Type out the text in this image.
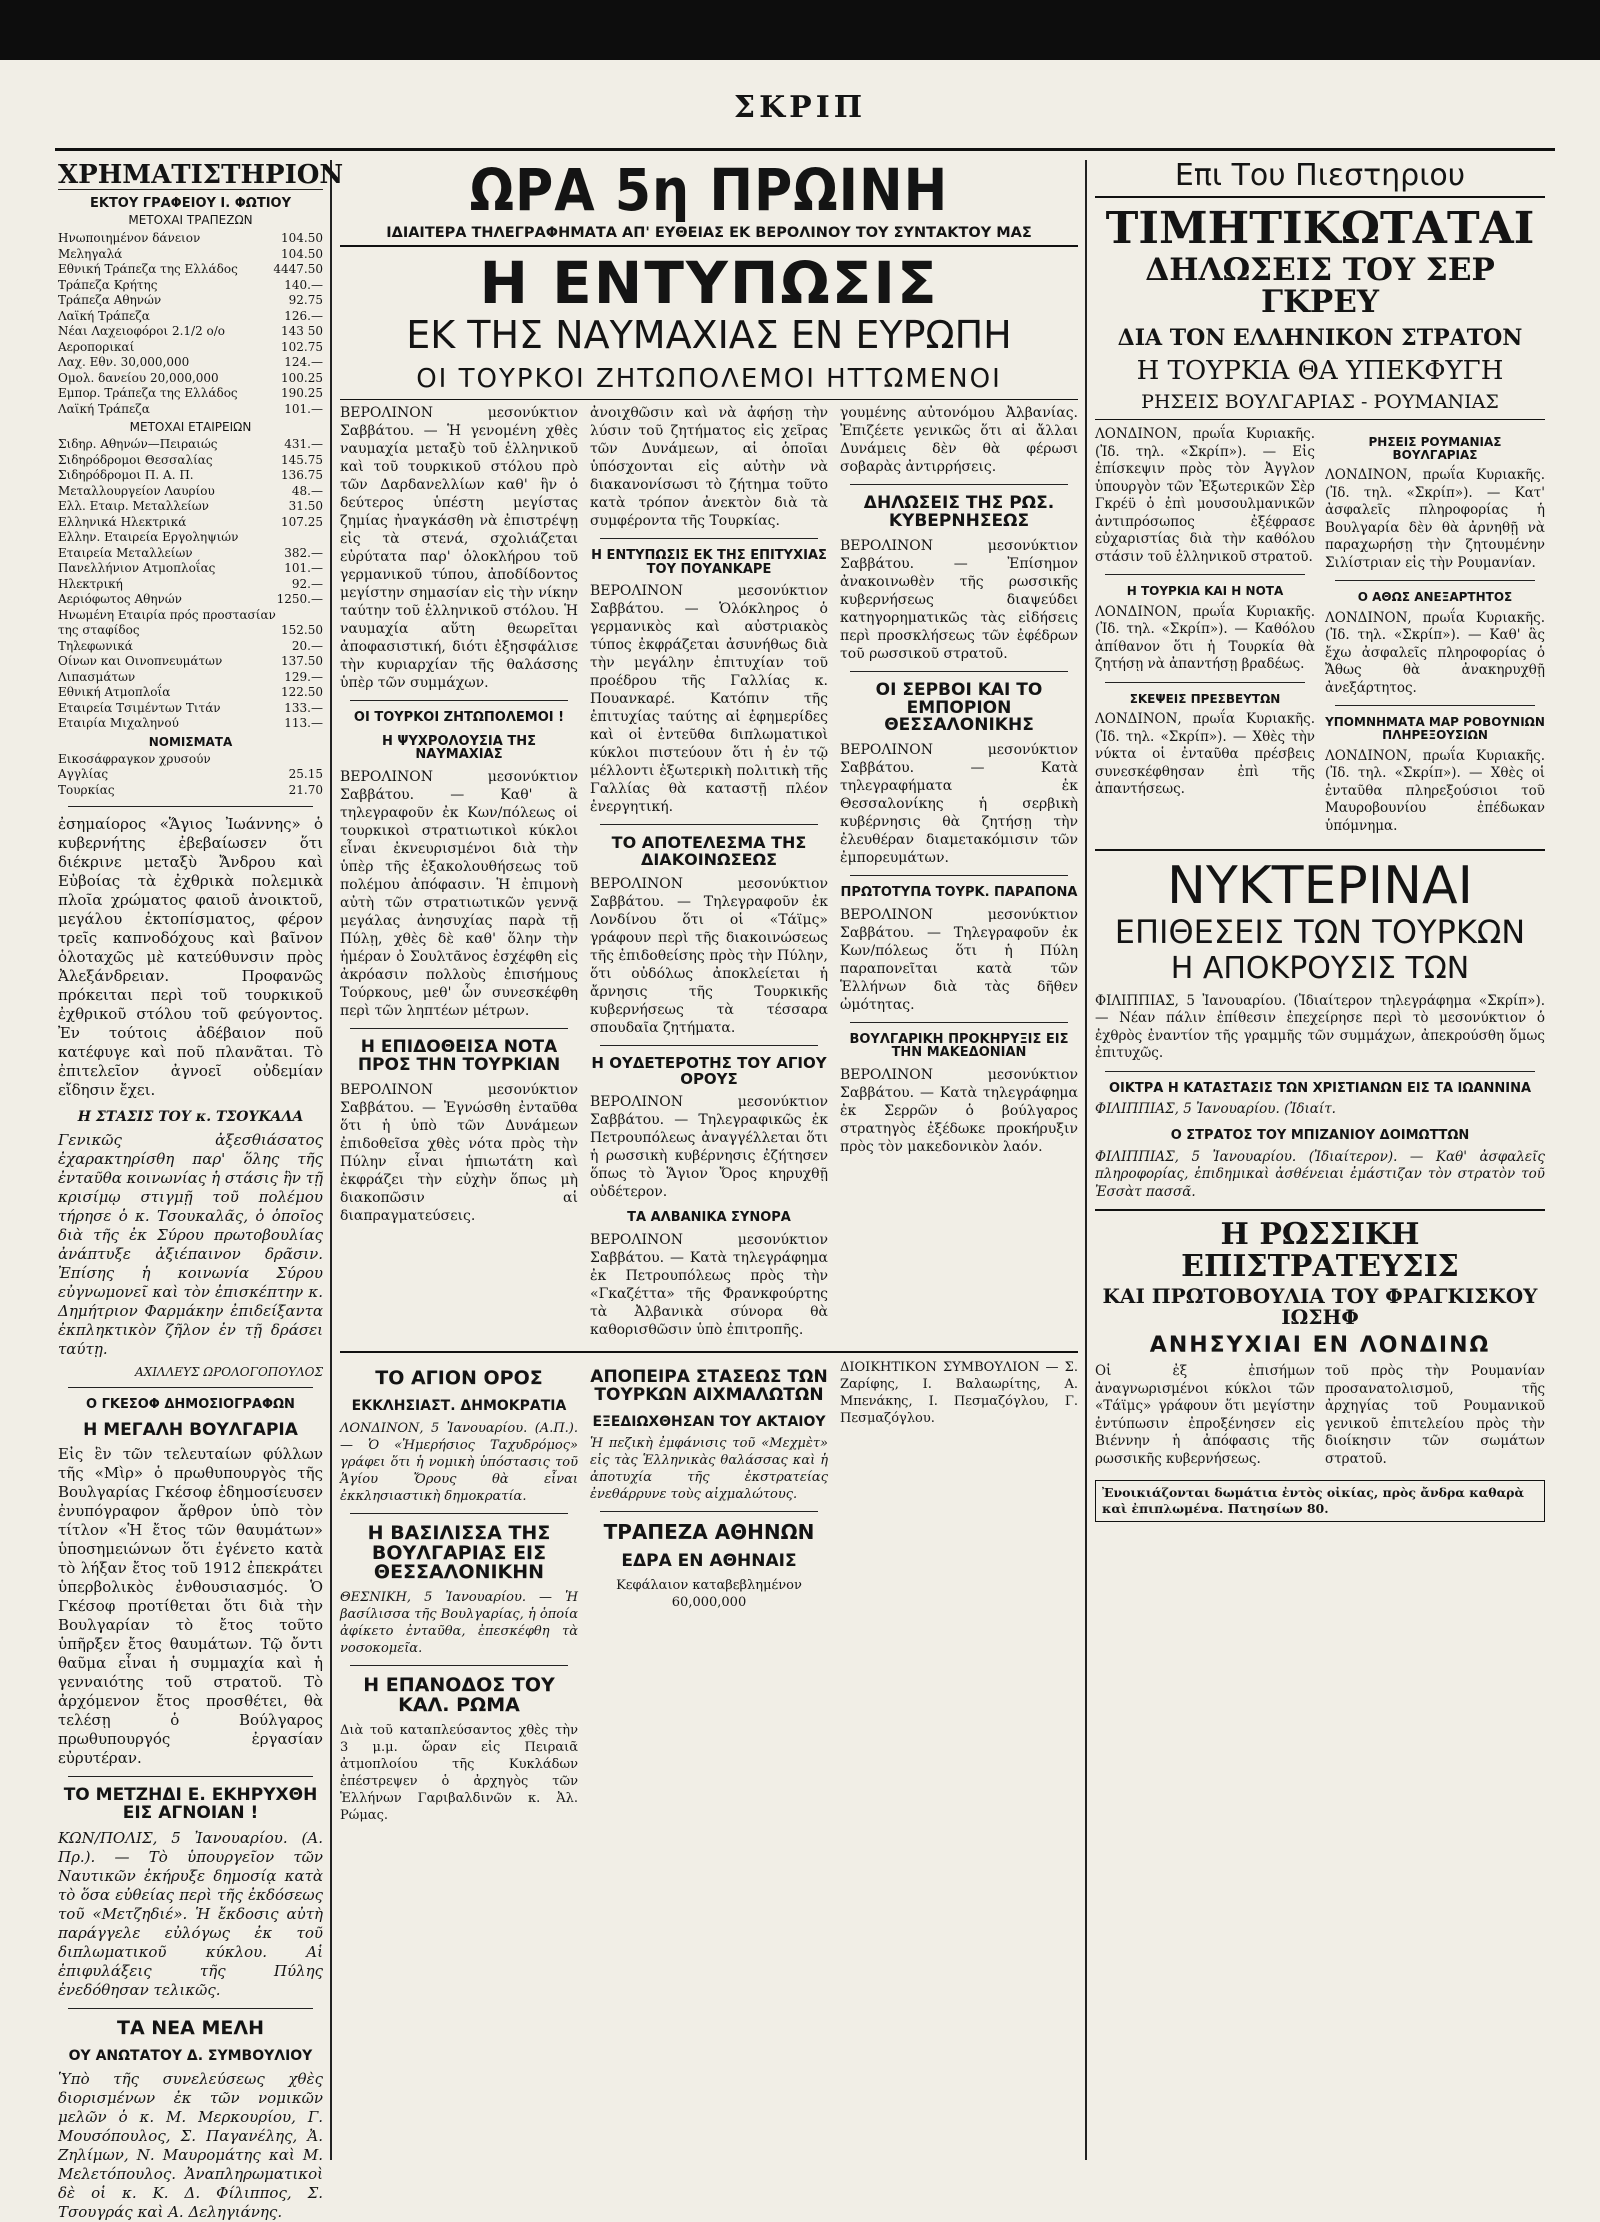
ΣΚΡΙΠ
ΧΡΗΜΑΤΙΣΤΗΡΙΟΝ
ΕΚΤΟΥ ΓΡΑΦΕΙΟΥ Ι. ΦΩΤΙΟΥ
ΜΕΤΟΧΑΙ ΤΡΑΠΕΖΩΝ
Ηνωποιημένον δάνειον	104.50
Μεληγαλά	104.50
Εθνική Τράπεζα της Ελλάδος	4447.50
Τράπεζα Κρήτης	140.—
Τράπεζα Αθηνών	92.75
Λαϊκή Τράπεζα	126.—
Νέαι Λαχειοφόροι 2.1/2 ο/ο	143 50
Αεροπορικαί	102.75
Λαχ. Εθν. 30,000,000	124.—
Ομολ. δανείου 20,000,000	100.25
Εμπορ. Τράπεζα της Ελλάδος	190.25
Λαϊκή Τράπεζα	101.—
ΜΕΤΟΧΑΙ ΕΤΑΙΡΕΙΩΝ
Σιδηρ. Αθηνών—Πειραιώς	431.—
Σιδηρόδρομοι Θεσσαλίας	145.75
Σιδηρόδρομοι Π. Α. Π.	136.75
Μεταλλουργείον Λαυρίου	48.—
Ελλ. Εταιρ. Μεταλλείων	31.50
Ελληνικά Ηλεκτρικά	107.25
Ελλην. Εταιρεία Εργοληψιών
Εταιρεία Μεταλλείων	382.—
Πανελλήνιον Ατμοπλοΐας	101.—
Ηλεκτρική	92.—
Αεριόφωτος Αθηνών	1250.—
Ηνωμένη Εταιρία πρός προστασίαν
της σταφίδος	152.50
Τηλεφωνικά	20.—
Οίνων και Οινοπνευμάτων	137.50
Λιπασμάτων	129.—
Εθνική Ατμοπλοΐα	122.50
Εταιρεία Τσιμέντων Τιτάν	133.—
Εταιρία Μιχαληνού	113.—
ΝΟΜΙΣΜΑΤΑ
Εικοσάφραγκον χρυσούν
Αγγλίας	25.15
Τουρκίας	21.70

ἐσημαίορος «Ἅγιος Ἰωάννης» ὁ κυβερνήτης ἐβεβαίωσεν ὅτι διέκρινε μεταξὺ Ἄνδρου καὶ Εὐβοίας τὰ ἐχθρικὰ πολεμικὰ πλοῖα χρώματος φαιοῦ ἀνοικτοῦ, μεγάλου ἐκτοπίσματος, φέρον τρεῖς καπνοδόχους καὶ βαῖνον ὁλοταχῶς μὲ κατεύθυνσιν πρὸς Ἀλεξάνδρειαν. Προφανῶς πρόκειται περὶ τοῦ τουρκικοῦ ἐχθρικοῦ στόλου τοῦ φεύγοντος. Ἐν τούτοις ἀδέβαιον ποῦ κατέφυγε καὶ ποῦ πλανᾶται. Τὸ ἐπιτελεῖον ἀγνοεῖ οὐδεμίαν εἴδησιν ἔχει.

Η ΣΤΑΣΙΣ ΤΟΥ κ. ΤΣΟΥΚΑΛΑ

Γενικῶς ἀξεσθιάσατος ἐχαρακτηρίσθη παρ' ὅλης τῆς ἐνταῦθα κοινωνίας ἡ στάσις ἣν τῇ κρισίμῳ στιγμῇ τοῦ πολέμου τήρησε ὁ κ. Τσουκαλᾶς, ὁ ὁποῖος διὰ τῆς ἐκ Σύρου πρωτοβουλίας ἀνάπτυξε ἀξιέπαινον δρᾶσιν. Ἐπίσης ἡ κοινωνία Σύρου εὐγνωμονεῖ καὶ τὸν ἐπισκέπτην κ. Δημήτριον Φαρμάκην ἐπιδείξαντα ἐκπληκτικὸν ζῆλον ἐν τῇ δράσει ταύτῃ.

ΑΧΙΛΛΕΥΣ ΩΡΟΛΟΓΟΠΟΥΛΟΣ
Ο ΓΚΕΣΟΦ ΔΗΜΟΣΙΟΓΡΑΦΩΝ
Η ΜΕΓΑΛΗ ΒΟΥΛΓΑΡΙΑ

Εἰς ἓν τῶν τελευταίων φύλλων τῆς «Μὶρ» ὁ πρωθυπουργὸς τῆς Βουλγαρίας Γκέσοφ ἐδημοσίευσεν ἐνυπόγραφον ἄρθρον ὑπὸ τὸν τίτλον «Ἡ ἔτος τῶν θαυμάτων» ὑποσημειώνων ὅτι ἐγένετο κατὰ τὸ λήξαν ἔτος τοῦ 1912 ἐπεκράτει ὑπερβολικὸς ἐνθουσιασμός. Ὁ Γκέσοφ προτίθεται ὅτι διὰ τὴν Βουλγαρίαν τὸ ἔτος τοῦτο ὑπῆρξεν ἔτος θαυμάτων. Τῷ ὄντι θαῦμα εἶναι ἡ συμμαχία καὶ ἡ γενναιότης τοῦ στρατοῦ. Τὸ ἀρχόμενον ἔτος προσθέτει, θὰ τελέσῃ ὁ Βούλγαρος πρωθυπουργός ἐργασίαν εὐρυτέραν.

ΤΟ ΜΕΤΖΗΔΙ Ε. ΕΚΗΡΥΧΘΗ ΕΙΣ ΑΓΝΟΙΑΝ !

ΚΩΝ/ΠΟΛΙΣ, 5 Ἰανουαρίου. (Α. Πρ.). — Τὸ ὑπουργεῖον τῶν Ναυτικῶν ἐκήρυξε δημοσίᾳ κατὰ τὸ ὅσα εὐθείας περὶ τῆς ἐκδόσεως τοῦ «Μετζηδιέ». Ἡ ἔκδοσις αὐτὴ παράγγελε εὐλόγως ἐκ τοῦ διπλωματικοῦ κύκλου. Αἱ ἐπιφυλάξεις τῆς Πύλης ἐνεδόθησαν τελικῶς.

ΤΑ ΝΕΑ ΜΕΛΗ
ΟΥ ΑΝΩΤΑΤΟΥ Δ. ΣΥΜΒΟΥΛΙΟΥ

Ὑπὸ τῆς συνελεύσεως χθὲς διορισμένων ἐκ τῶν νομικῶν μελῶν ὁ κ. Μ. Μερκουρίου, Γ. Μουσόπουλος, Σ. Παγανέλης, Ἀ. Ζηλίμων, Ν. Μαυρομάτης καὶ Μ. Μελετόπουλος. Ἀναπληρωματικοὶ δὲ οἱ κ. Κ. Δ. Φίλιππος, Σ. Τσουγράς καὶ Α. Δεληγιάνης.

ΩΡΑ 5η ΠΡΩΙΝΗ
ΙΔΙΑΙΤΕΡΑ ΤΗΛΕΓΡΑΦΗΜΑΤΑ ΑΠ' ΕΥΘΕΙΑΣ ΕΚ ΒΕΡΟΛΙΝΟΥ ΤΟΥ ΣΥΝΤΑΚΤΟΥ ΜΑΣ
Η ΕΝΤΥΠΩΣΙΣ
ΕΚ ΤΗΣ ΝΑΥΜΑΧΙΑΣ ΕΝ ΕΥΡΩΠΗ
ΟΙ ΤΟΥΡΚΟΙ ΖΗΤΩΠΟΛΕΜΟΙ ΗΤΤΩΜΕΝΟΙ

ΒΕΡΟΛΙΝΟΝ μεσονύκτιον Σαββάτου. — Ἡ γενομένη χθὲς ναυμαχία μεταξὺ τοῦ ἑλληνικοῦ καὶ τοῦ τουρκικοῦ στόλου πρὸ τῶν Δαρδανελλίων καθ' ἣν ὁ δεύτερος ὑπέστη μεγίστας ζημίας ἠναγκάσθη νὰ ἐπιστρέψῃ εἰς τὰ στενά, σχολιάζεται εὐρύτατα παρ' ὁλοκλήρου τοῦ γερμανικοῦ τύπου, ἀποδίδοντος μεγίστην σημασίαν εἰς τὴν νίκην ταύτην τοῦ ἑλληνικοῦ στόλου. Ἡ ναυμαχία αὕτη θεωρεῖται ἀποφασιστική, διότι ἐξησφάλισε τὴν κυριαρχίαν τῆς θαλάσσης ὑπὲρ τῶν συμμάχων.

ΟΙ ΤΟΥΡΚΟΙ ΖΗΤΩΠΟΛΕΜΟΙ !
Η ΨΥΧΡΟΛΟΥΣΙΑ ΤΗΣ ΝΑΥΜΑΧΙΑΣ

ΒΕΡΟΛΙΝΟΝ μεσονύκτιον Σαββάτου. — Καθ' ἃ τηλεγραφοῦν ἐκ Κων/πόλεως οἱ τουρκικοὶ στρατιωτικοὶ κύκλοι εἶναι ἐκνευρισμένοι διὰ τὴν ὑπὲρ τῆς ἐξακολουθήσεως τοῦ πολέμου ἀπόφασιν. Ἡ ἐπιμονὴ αὐτὴ τῶν στρατιωτικῶν γεννᾷ μεγάλας ἀνησυχίας παρὰ τῇ Πύλῃ, χθὲς δὲ καθ' ὅλην τὴν ἡμέραν ὁ Σουλτᾶνος ἐσχέφθη εἰς ἀκρόασιν πολλοὺς ἐπισήμους Τούρκους, μεθ' ὧν συνεσκέφθη περὶ τῶν ληπτέων μέτρων.

Η ΕΠΙΔΟΘΕΙΣΑ ΝΟΤΑ ΠΡΟΣ ΤΗΝ ΤΟΥΡΚΙΑΝ

ΒΕΡΟΛΙΝΟΝ μεσονύκτιον Σαββάτου. — Ἐγνώσθη ἐνταῦθα ὅτι ἡ ὑπὸ τῶν Δυνάμεων ἐπιδοθεῖσα χθὲς νότα πρὸς τὴν Πύλην εἶναι ἡπιωτάτη καὶ ἐκφράζει τὴν εὐχὴν ὅπως μὴ διακοπῶσιν αἱ διαπραγματεύσεις.

ἀνοιχθῶσιν καὶ νὰ ἀφήσῃ τὴν λύσιν τοῦ ζητήματος εἰς χεῖρας τῶν Δυνάμεων, αἱ ὁποῖαι ὑπόσχονται εἰς αὐτὴν νὰ διακανονίσωσι τὸ ζήτημα τοῦτο κατὰ τρόπον ἀνεκτὸν διὰ τὰ συμφέροντα τῆς Τουρκίας.

Η ΕΝΤΥΠΩΣΙΣ ΕΚ ΤΗΣ ΕΠΙΤΥΧΙΑΣ ΤΟΥ ΠΟΥΑΝΚΑΡΕ

ΒΕΡΟΛΙΝΟΝ μεσονύκτιον Σαββάτου. — Ὁλόκληρος ὁ γερμανικὸς καὶ αὐστριακὸς τύπος ἐκφράζεται ἀσυνήθως διὰ τὴν μεγάλην ἐπιτυχίαν τοῦ προέδρου τῆς Γαλλίας κ. Πουανκαρέ. Κατόπιν τῆς ἐπιτυχίας ταύτης αἱ ἐφημερίδες καὶ οἱ ἐντεῦθα διπλωματικοὶ κύκλοι πιστεύουν ὅτι ἡ ἐν τῷ μέλλοντι ἐξωτερικὴ πολιτικὴ τῆς Γαλλίας θὰ καταστῇ πλέον ἐνεργητική.

ΤΟ ΑΠΟΤΕΛΕΣΜΑ ΤΗΣ ΔΙΑΚΟΙΝΩΣΕΩΣ

ΒΕΡΟΛΙΝΟΝ μεσονύκτιον Σαββάτου. — Τηλεγραφοῦν ἐκ Λονδίνου ὅτι οἱ «Τάϊμς» γράφουν περὶ τῆς διακοινώσεως τῆς ἐπιδοθείσης πρὸς τὴν Πύλην, ὅτι οὐδόλως ἀποκλείεται ἡ ἄρνησις τῆς Τουρκικῆς κυβερνήσεως τὰ τέσσαρα σπουδαῖα ζητήματα.

Η ΟΥΔΕΤΕΡΟΤΗΣ ΤΟΥ ΑΓΙΟΥ ΟΡΟΥΣ

ΒΕΡΟΛΙΝΟΝ μεσονύκτιον Σαββάτου. — Τηλεγραφικῶς ἐκ Πετρουπόλεως ἀναγγέλλεται ὅτι ἡ ρωσσικὴ κυβέρνησις ἐζήτησεν ὅπως τὸ Ἅγιον Ὄρος κηρυχθῇ οὐδέτερον.

ΤΑ ΑΛΒΑΝΙΚΑ ΣΥΝΟΡΑ

ΒΕΡΟΛΙΝΟΝ μεσονύκτιον Σαββάτου. — Κατὰ τηλεγράφημα ἐκ Πετρουπόλεως πρὸς τὴν «Γκαζέττα» τῆς Φρανκφούρτης τὰ Ἀλβανικὰ σύνορα θὰ καθορισθῶσιν ὑπὸ ἐπιτροπῆς.

γουμένης αὐτονόμου Ἀλβανίας. Ἐπιζέετε γενικῶς ὅτι αἱ ἄλλαι Δυνάμεις δὲν θὰ φέρωσι σοβαρὰς ἀντιρρήσεις.

ΔΗΛΩΣΕΙΣ ΤΗΣ ΡΩΣ. ΚΥΒΕΡΝΗΣΕΩΣ

ΒΕΡΟΛΙΝΟΝ μεσονύκτιον Σαββάτου. — Ἐπίσημον ἀνακοινωθὲν τῆς ρωσσικῆς κυβερνήσεως διαψεύδει κατηγορηματικῶς τὰς εἰδήσεις περὶ προσκλήσεως τῶν ἐφέδρων τοῦ ρωσσικοῦ στρατοῦ.

ΟΙ ΣΕΡΒΟΙ ΚΑΙ ΤΟ ΕΜΠΟΡΙΟΝ ΘΕΣΣΑΛΟΝΙΚΗΣ

ΒΕΡΟΛΙΝΟΝ μεσονύκτιον Σαββάτου. — Κατὰ τηλεγραφήματα ἐκ Θεσσαλονίκης ἡ σερβικὴ κυβέρνησις θὰ ζητήσῃ τὴν ἐλευθέραν διαμετακόμισιν τῶν ἐμπορευμάτων.

ΠΡΩΤΟΤΥΠΑ ΤΟΥΡΚ. ΠΑΡΑΠΟΝΑ

ΒΕΡΟΛΙΝΟΝ μεσονύκτιον Σαββάτου. — Τηλεγραφοῦν ἐκ Κων/πόλεως ὅτι ἡ Πύλη παραπονεῖται κατὰ τῶν Ἑλλήνων διὰ τὰς δῆθεν ὠμότητας.

ΒΟΥΛΓΑΡΙΚΗ ΠΡΟΚΗΡΥΞΙΣ ΕΙΣ ΤΗΝ ΜΑΚΕΔΟΝΙΑΝ

ΒΕΡΟΛΙΝΟΝ μεσονύκτιον Σαββάτου. — Κατὰ τηλεγράφημα ἐκ Σερρῶν ὁ βούλγαρος στρατηγὸς ἐξέδωκε προκήρυξιν πρὸς τὸν μακεδονικὸν λαόν.

ΤΟ ΑΓΙΟΝ ΟΡΟΣ
ΕΚΚΛΗΣΙΑΣΤ. ΔΗΜΟΚΡΑΤΙΑ

ΛΟΝΔΙΝΟΝ, 5 Ἰανουαρίου. (Α.Π.). — Ὁ «Ἡμερήσιος Ταχυδρόμος» γράφει ὅτι ἡ νομικὴ ὑπόστασις τοῦ Ἁγίου Ὄρους θὰ εἶναι ἐκκλησιαστικὴ δημοκρατία.

Η ΒΑΣΙΛΙΣΣΑ ΤΗΣ ΒΟΥΛΓΑΡΙΑΣ ΕΙΣ ΘΕΣΣΑΛΟΝΙΚΗΝ

ΘΕΣΝΙΚΗ, 5 Ἰανουαρίου. — Ἡ βασίλισσα τῆς Βουλγαρίας, ἡ ὁποία ἀφίκετο ἐνταῦθα, ἐπεσκέφθη τὰ νοσοκομεῖα.

Η ΕΠΑΝΟΔΟΣ ΤΟΥ ΚΑΛ. ΡΩΜΑ

Διὰ τοῦ καταπλεύσαντος χθὲς τὴν 3 μ.μ. ὥραν εἰς Πειραιᾶ ἀτμοπλοίου τῆς Κυκλάδων ἐπέστρεψεν ὁ ἀρχηγὸς τῶν Ἑλλήνων Γαριβαλδινῶν κ. Ἀλ. Ρώμας.

ΑΠΟΠΕΙΡΑ ΣΤΑΣΕΩΣ ΤΩΝ ΤΟΥΡΚΩΝ ΑΙΧΜΑΛΩΤΩΝ
ΕΞΕΔΙΩΧΘΗΣΑΝ ΤΟΥ ΑΚΤΑΙΟΥ

Ἡ πεζικὴ ἐμφάνισις τοῦ «Μεχμὲτ» εἰς τὰς Ἑλληνικὰς θαλάσσας καὶ ἡ ἀποτυχία τῆς ἐκστρατείας ἐνεθάρρυνε τοὺς αἰχμαλώτους.

ΤΡΑΠΕΖΑ ΑΘΗΝΩΝ
ΕΔΡΑ ΕΝ ΑΘΗΝΑΙΣ

Κεφάλαιον καταβεβλημένον 60,000,000

ΔΙΟΙΚΗΤΙΚΟΝ ΣΥΜΒΟΥΛΙΟΝ — Σ. Ζαρίφης, Ι. Βαλαωρίτης, Α. Μπενάκης, Ι. Πεσμαζόγλου, Γ. Πεσμαζόγλου.

Επι Του Πιεστηριου
ΤΙΜΗΤΙΚΩΤΑΤΑΙ
ΔΗΛΩΣΕΙΣ ΤΟΥ ΣΕΡ ΓΚΡΕΥ
ΔΙΑ ΤΟΝ ΕΛΛΗΝΙΚΟΝ ΣΤΡΑΤΟΝ
Η ΤΟΥΡΚΙΑ ΘΑ ΥΠΕΚΦΥΓΗ
ΡΗΣΕΙΣ ΒΟΥΛΓΑΡΙΑΣ - ΡΟΥΜΑΝΙΑΣ

ΛΟΝΔΙΝΟΝ, πρωΐα Κυριακῆς. (Ἰδ. τηλ. «Σκρίπ»). — Εἰς ἐπίσκεψιν πρὸς τὸν Ἀγγλον ὑπουργὸν τῶν Ἐξωτερικῶν Σὲρ Γκρέϋ ὁ ἐπὶ μουσουλμανικῶν ἀντιπρόσωπος ἐξέφρασε εὐχαριστίας διὰ τὴν καθόλου στάσιν τοῦ ἑλληνικοῦ στρατοῦ.

Η ΤΟΥΡΚΙΑ ΚΑΙ Η ΝΟΤΑ

ΛΟΝΔΙΝΟΝ, πρωΐα Κυριακῆς. (Ἰδ. τηλ. «Σκρίπ»). — Καθόλου ἀπίθανον ὅτι ἡ Τουρκία θὰ ζητήσῃ νὰ ἀπαντήσῃ βραδέως.

ΣΚΕΨΕΙΣ ΠΡΕΣΒΕΥΤΩΝ

ΛΟΝΔΙΝΟΝ, πρωΐα Κυριακῆς. (Ἰδ. τηλ. «Σκρίπ»). — Χθὲς τὴν νύκτα οἱ ἐνταῦθα πρέσβεις συνεσκέφθησαν ἐπὶ τῆς ἀπαντήσεως.

ΡΗΣΕΙΣ ΡΟΥΜΑΝΙΑΣ ΒΟΥΛΓΑΡΙΑΣ

ΛΟΝΔΙΝΟΝ, πρωΐα Κυριακῆς. (Ἰδ. τηλ. «Σκρίπ»). — Κατ' ἀσφαλεῖς πληροφορίας ἡ Βουλγαρία δὲν θὰ ἀρνηθῇ νὰ παραχωρήσῃ τὴν ζητουμένην Σιλίστριαν εἰς τὴν Ρουμανίαν.

Ο ΑΘΩΣ ΑΝΕΞΑΡΤΗΤΟΣ

ΛΟΝΔΙΝΟΝ, πρωΐα Κυριακῆς. (Ἰδ. τηλ. «Σκρίπ»). — Καθ' ἃς ἔχω ἀσφαλεῖς πληροφορίας ὁ Ἄθως θὰ ἀνακηρυχθῇ ἀνεξάρτητος.

ΥΠΟΜΝΗΜΑΤΑ ΜΑΡ ΡΟΒΟΥΝΙΩΝ ΠΛΗΡΕΞΟΥΣΙΩΝ

ΛΟΝΔΙΝΟΝ, πρωΐα Κυριακῆς. (Ἰδ. τηλ. «Σκρίπ»). — Χθὲς οἱ ἐνταῦθα πληρεξούσιοι τοῦ Μαυροβουνίου ἐπέδωκαν ὑπόμνημα.

ΝΥΚΤΕΡΙΝΑΙ
ΕΠΙΘΕΣΕΙΣ ΤΩΝ ΤΟΥΡΚΩΝ
Η ΑΠΟΚΡΟΥΣΙΣ ΤΩΝ

ΦΙΛΙΠΠΙΑΣ, 5 Ἰανουαρίου. (Ἰδιαίτερον τηλεγράφημα «Σκρίπ»). — Νέαν πάλιν ἐπίθεσιν ἐπεχείρησε περὶ τὸ μεσονύκτιον ὁ ἐχθρὸς ἐναντίον τῆς γραμμῆς τῶν συμμάχων, ἀπεκρούσθη ὅμως ἐπιτυχῶς.

ΟΙΚΤΡΑ Η ΚΑΤΑΣΤΑΣΙΣ ΤΩΝ ΧΡΙΣΤΙΑΝΩΝ ΕΙΣ ΤΑ ΙΩΑΝΝΙΝΑ

ΦΙΛΙΠΠΙΑΣ, 5 Ἰανουαρίου. (Ἰδιαίτ.

Ο ΣΤΡΑΤΟΣ ΤΟΥ ΜΠΙΖΑΝΙΟΥ ΔΟΙΜΩΤΤΩΝ

ΦΙΛΙΠΠΙΑΣ, 5 Ἰανουαρίου. (Ἰδιαίτερον). — Καθ' ἀσφαλεῖς πληροφορίας, ἐπιδημικαὶ ἀσθένειαι ἐμάστιζαν τὸν στρατὸν τοῦ Ἐσσὰτ πασσᾶ.

Η ΡΩΣΣΙΚΗ ΕΠΙΣΤΡΑΤΕΥΣΙΣ
ΚΑΙ ΠΡΩΤΟΒΟΥΛΙΑ ΤΟΥ ΦΡΑΓΚΙΣΚΟΥ ΙΩΣΗΦ
ΑΝΗΣΥΧΙΑΙ ΕΝ ΛΟΝΔΙΝΩ

Οἱ ἐξ ἐπισήμων ἀναγνωρισμένοι κύκλοι τῶν «Τάϊμς» γράφουν ὅτι μεγίστην ἐντύπωσιν ἐπροξένησεν εἰς Βιέννην ἡ ἀπόφασις τῆς ρωσσικῆς κυβερνήσεως.

τοῦ πρὸς τὴν Ρουμανίαν προσανατολισμοῦ, τῆς ἀρχηγίας τοῦ Ρουμανικοῦ γενικοῦ ἐπιτελείου πρὸς τὴν διοίκησιν τῶν σωμάτων στρατοῦ.

Ἐνοικιάζονται δωμάτια ἐντὸς οἰκίας, πρὸς ἄνδρα καθαρὰ καὶ ἐπιπλωμένα. Πατησίων 80.
